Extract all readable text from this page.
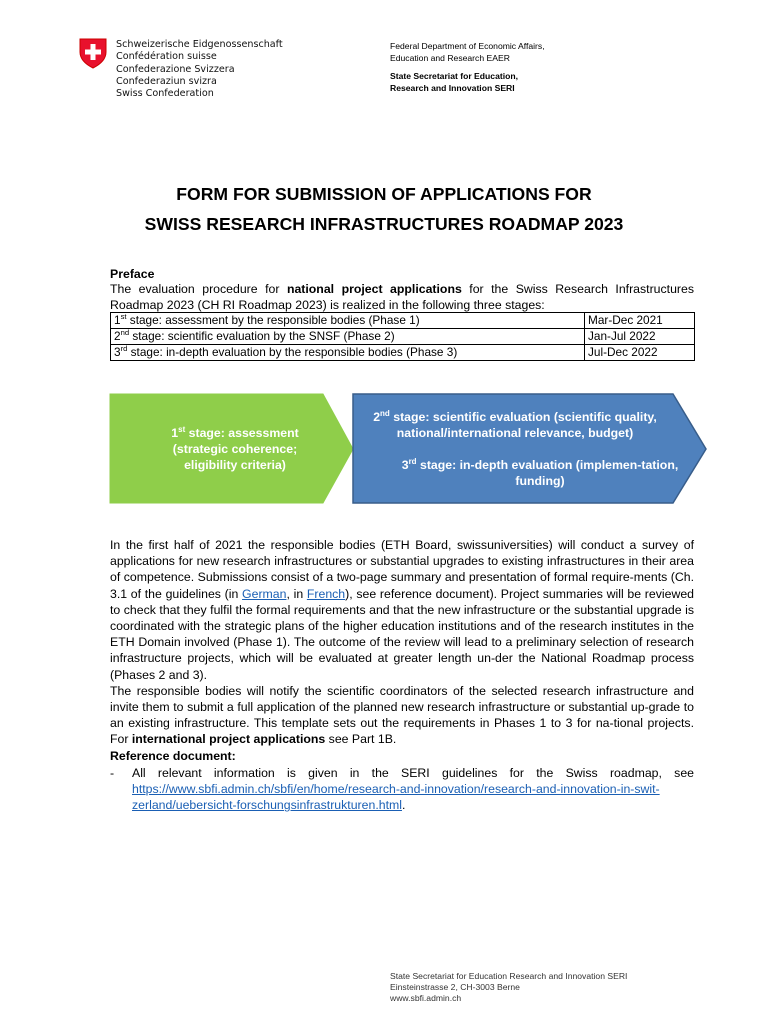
Schweizerische Eidgenossenschaft
Confédération suisse
Confederazione Svizzera
Confederaziun svizra
Swiss Confederation
Federal Department of Economic Affairs,
Education and Research EAER
State Secretariat for Education,
Research and Innovation SERI
FORM FOR SUBMISSION OF APPLICATIONS FOR
SWISS RESEARCH INFRASTRUCTURES ROADMAP 2023
Preface
The evaluation procedure for national project applications for the Swiss Research Infrastructures Roadmap 2023 (CH RI Roadmap 2023) is realized in the following three stages:
1st stage: assessment by the responsible bodies (Phase 1)	Mar-Dec 2021
2nd stage: scientific evaluation by the SNSF (Phase 2)	Jan-Jul 2022
3rd stage: in-depth evaluation by the responsible bodies (Phase 3)	Jul-Dec 2022
1st stage: assessment (strategic coherence; eligibility criteria)
2nd stage: scientific evaluation (scientific quality, national/international relevance, budget)
3rd stage: in-depth evaluation (implemen-tation, funding)

In the first half of 2021 the responsible bodies (ETH Board, swissuniversities) will conduct a survey of applications for new research infrastructures or substantial upgrades to existing infrastructures in their area of competence. Submissions consist of a two-page summary and presentation of formal require-ments (Ch. 3.1 of the guidelines (in German, in French), see reference document). Project summaries will be reviewed to check that they fulfil the formal requirements and that the new infrastructure or the substantial upgrade is coordinated with the strategic plans of the higher education institutions and of the research institutes in the ETH Domain involved (Phase 1). The outcome of the review will lead to a preliminary selection of research infrastructure projects, which will be evaluated at greater length un-der the National Roadmap process (Phases 2 and 3).

The responsible bodies will notify the scientific coordinators of the selected research infrastructure and invite them to submit a full application of the planned new research infrastructure or substantial up-grade to an existing infrastructure. This template sets out the requirements in Phases 1 to 3 for na-tional projects. For international project applications see Part 1B.

Reference document:

- All relevant information is given in the SERI guidelines for the Swiss roadmap, see https://www.sbfi.admin.ch/sbfi/en/home/research-and-innovation/research-and-innovation-in-swit-zerland/uebersicht-forschungsinfrastrukturen.html.
State Secretariat for Education Research and Innovation SERI
Einsteinstrasse 2, CH-3003 Berne
www.sbfi.admin.ch
